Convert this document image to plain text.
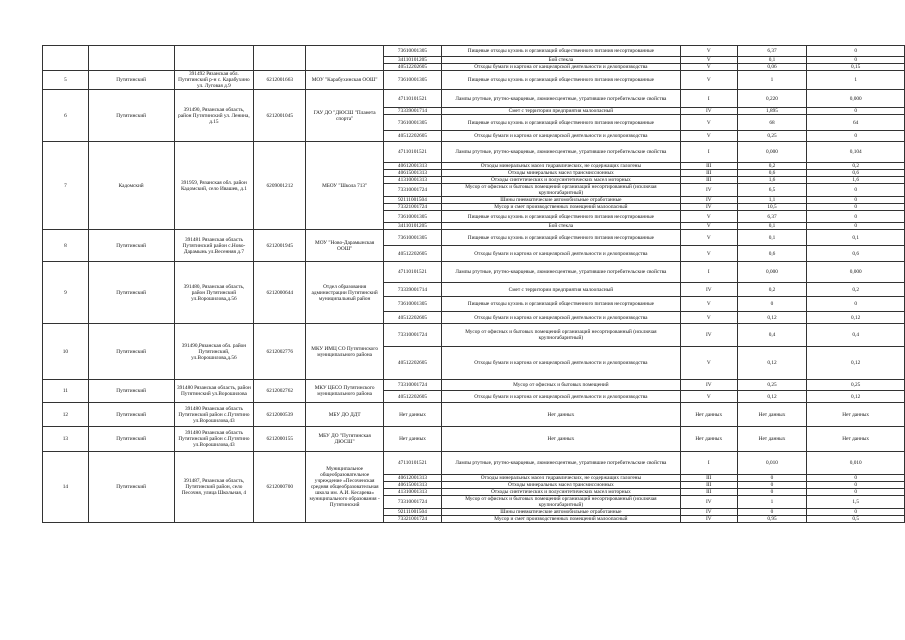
					73610001305	Пищевые отходы кухонь и организаций общественного питания несортированные	V	6,37	0
					34110101205	Бой стекла	V	0,1	0
					40512202605	Отходы бумаги и картона от канцелярской деятельности и делопроизводства	V	0,06	0,15
5	Путятинский	391492 Рязанская обл. Путятинский р-н с. Карабухино ул. Луговая д.9	6212001663	МОУ "Карабухинская ООШ"	73610001305	Пищевые отходы кухонь и организаций общественного питания несортированные	V	1	1
6	Путятинский	391490, Рязанская область, район Путятинский ул. Ленина, д.15	6212001045	ГАУ ДО "ДЮСШ "Планета спорта"	47110101521	Лампы ртутные, ртутно-кварцевые, люминесцентные, утратившие потребительские свойства	I	0,220	0,000
					73339001714	Смет с территории предприятия малоопасный	IV	1,895	0
					73610001305	Пищевые отходы кухонь и организаций общественного питания несортированные	V	68	64
					40512202605	Отходы бумаги и картона от канцелярской деятельности и делопроизводства	V	0,25	0
7	Кадомский	391959, Рязанская обл. район Кадомский, село Ивашев, д.1	6209001212	МБОУ "Школа 713"	47110101521	Лампы ртутные, ртутно-кварцевые, люминесцентные, утратившие потребительские свойства	I	0,000	0,104
					40612001313	Отходы минеральных масел гидравлических, не содержащих галогены	III	0,2	0,2
					40615001313	Отходы минеральных масел трансмиссионных	III	0,6	0,6
					41310001313	Отходы синтетических и полусинтетических масел моторных	III	1,6	1,6
					73310001724	Мусор от офисных и бытовых помещений организаций несортированный (исключая крупногабаритный)	IV	6,5	0
					92111001504	Шины пневматические автомобильные отработанные	IV	1,1	0
					73321001724	Мусор и смет производственных помещений малоопасный	IV	10,5	0
					73610001305	Пищевые отходы кухонь и организаций общественного питания несортированные	V	6,37	0
					34110101205	Бой стекла	V	0,1	0
8	Путятинский	391481 Рязанская область Путятинский район с.Ново-Дарамынь ул.Весенняя д.7	6212001945	МОУ "Ново-Дарамынская ООШ"	73610001305	Пищевые отходы кухонь и организаций общественного питания несортированные	V	0,1	0,1
					40512202605	Отходы бумаги и картона от канцелярской деятельности и делопроизводства	V	0,6	0,6
9	Путятинский	391480, Рязанская область, район Путятинский ул.Ворошилова,д.56	6212000644	Отдел образования администрации Путятинский муниципальный район	47110101521	Лампы ртутные, ртутно-кварцевые, люминесцентные, утратившие потребительские свойства	I	0,000	0,000
					73339001714	Смет с территории предприятия малоопасный	IV	0,2	0,2
					73610001305	Пищевые отходы кухонь и организаций общественного питания несортированные	V	0	0
					40512202605	Отходы бумаги и картона от канцелярской деятельности и делопроизводства	V	0,12	0,12
10	Путятинский	391490,Рязанская обл. район Путятинский, ул.Ворошилова,д.56	6212002776	МКУ ИМЦ СО Путятинского муниципального района	73310001724	Мусор от офисных и бытовых помещений организаций несортированный (исключая крупногабаритный)	IV	0,4	0,4
					40512202605	Отходы бумаги и картона от канцелярской деятельности и делопроизводства	V	0,12	0,12
11	Путятинский	391480 Рязанская область, район Путятинский ул.Ворошилова	6212002762	МКУ ЦБСО Путятинского муниципального района	73310001724	Мусор от офисных и бытовых помещений	IV	0,25	0,25
					40512202605	Отходы бумаги и картона от канцелярской деятельности и делопроизводства	V	0,12	0,12
12	Путятинский	391480 Рязанская область Путятинский район с.Путятино ул.Ворошилова,43	6212000539	МБУ ДО ДДТ	Нет данных	Нет данных	Нет данных	Нет данных	Нет данных
13	Путятинский	391480 Рязанская область Путятинский район с.Путятино ул.Ворошилова,43	6212000155	МБУ ДО "Путятинская ДЮСШ"	Нет данных	Нет данных	Нет данных	Нет данных	Нет данных
14	Путятинский	391487, Рязанская область, Путятинский район, село Песочня, улица Школьная, 4	6212000700	Муниципальное общеобразовательное учреждение «Песоченская средняя общеобразовательная школа им. А.И. Кесарева» муниципального образования - Путятинский	47110101521	Лампы ртутные, ртутно-кварцевые, люминесцентные, утратившие потребительские свойства	I	0,010	0,010
					40612001313	Отходы минеральных масел гидравлических, не содержащих галогены	III	0	0
					40615001313	Отходы минеральных масел трансмиссионных	III	0	0
					41310001313	Отходы синтетических и полусинтетических масел моторных	III	0	0
					73310001724	Мусор от офисных и бытовых помещений организаций несортированный (исключая крупногабаритный)	IV	1	1,5
					92111001504	Шины пневматические автомобильные отработанные	IV	0	0
					73321001724	Мусор и смет производственных помещений малоопасный	IV	0,95	0,5
